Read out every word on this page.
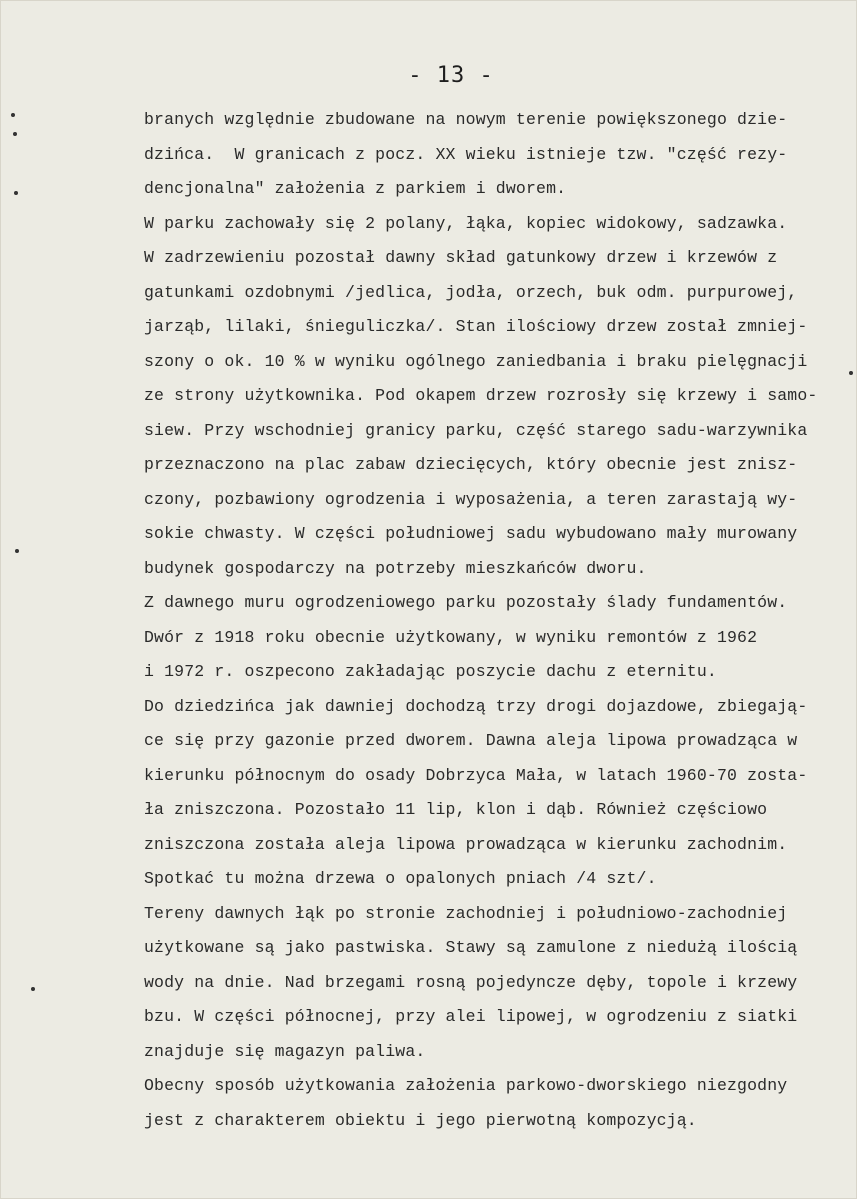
- 13 -
branych względnie zbudowane na nowym terenie powiększonego dzie-
dzińca.  W granicach z pocz. XX wieku istnieje tzw. "część rezy-
dencjonalna" założenia z parkiem i dworem.
W parku zachowały się 2 polany, łąka, kopiec widokowy, sadzawka.
W zadrzewieniu pozostał dawny skład gatunkowy drzew i krzewów z
gatunkami ozdobnymi /jedlica, jodła, orzech, buk odm. purpurowej,
jarząb, lilaki, śnieguliczka/. Stan ilościowy drzew został zmniej-
szony o ok. 10 % w wyniku ogólnego zaniedbania i braku pielęgnacji
ze strony użytkownika. Pod okapem drzew rozrosły się krzewy i samo-
siew. Przy wschodniej granicy parku, część starego sadu-warzywnika
przeznaczono na plac zabaw dziecięcych, który obecnie jest znisz-
czony, pozbawiony ogrodzenia i wyposażenia, a teren zarastają wy-
sokie chwasty. W części południowej sadu wybudowano mały murowany
budynek gospodarczy na potrzeby mieszkańców dworu.
Z dawnego muru ogrodzeniowego parku pozostały ślady fundamentów.
Dwór z 1918 roku obecnie użytkowany, w wyniku remontów z 1962
i 1972 r. oszpecono zakładając poszycie dachu z eternitu.
Do dziedzińca jak dawniej dochodzą trzy drogi dojazdowe, zbiegają-
ce się przy gazonie przed dworem. Dawna aleja lipowa prowadząca w
kierunku północnym do osady Dobrzyca Mała, w latach 1960-70 zosta-
ła zniszczona. Pozostało 11 lip, klon i dąb. Również częściowo
zniszczona została aleja lipowa prowadząca w kierunku zachodnim.
Spotkać tu można drzewa o opalonych pniach /4 szt/.
Tereny dawnych łąk po stronie zachodniej i południowo-zachodniej
użytkowane są jako pastwiska. Stawy są zamulone z niedużą ilością
wody na dnie. Nad brzegami rosną pojedyncze dęby, topole i krzewy
bzu. W części północnej, przy alei lipowej, w ogrodzeniu z siatki
znajduje się magazyn paliwa.
Obecny sposób użytkowania założenia parkowo-dworskiego niezgodny
jest z charakterem obiektu i jego pierwotną kompozycją.
